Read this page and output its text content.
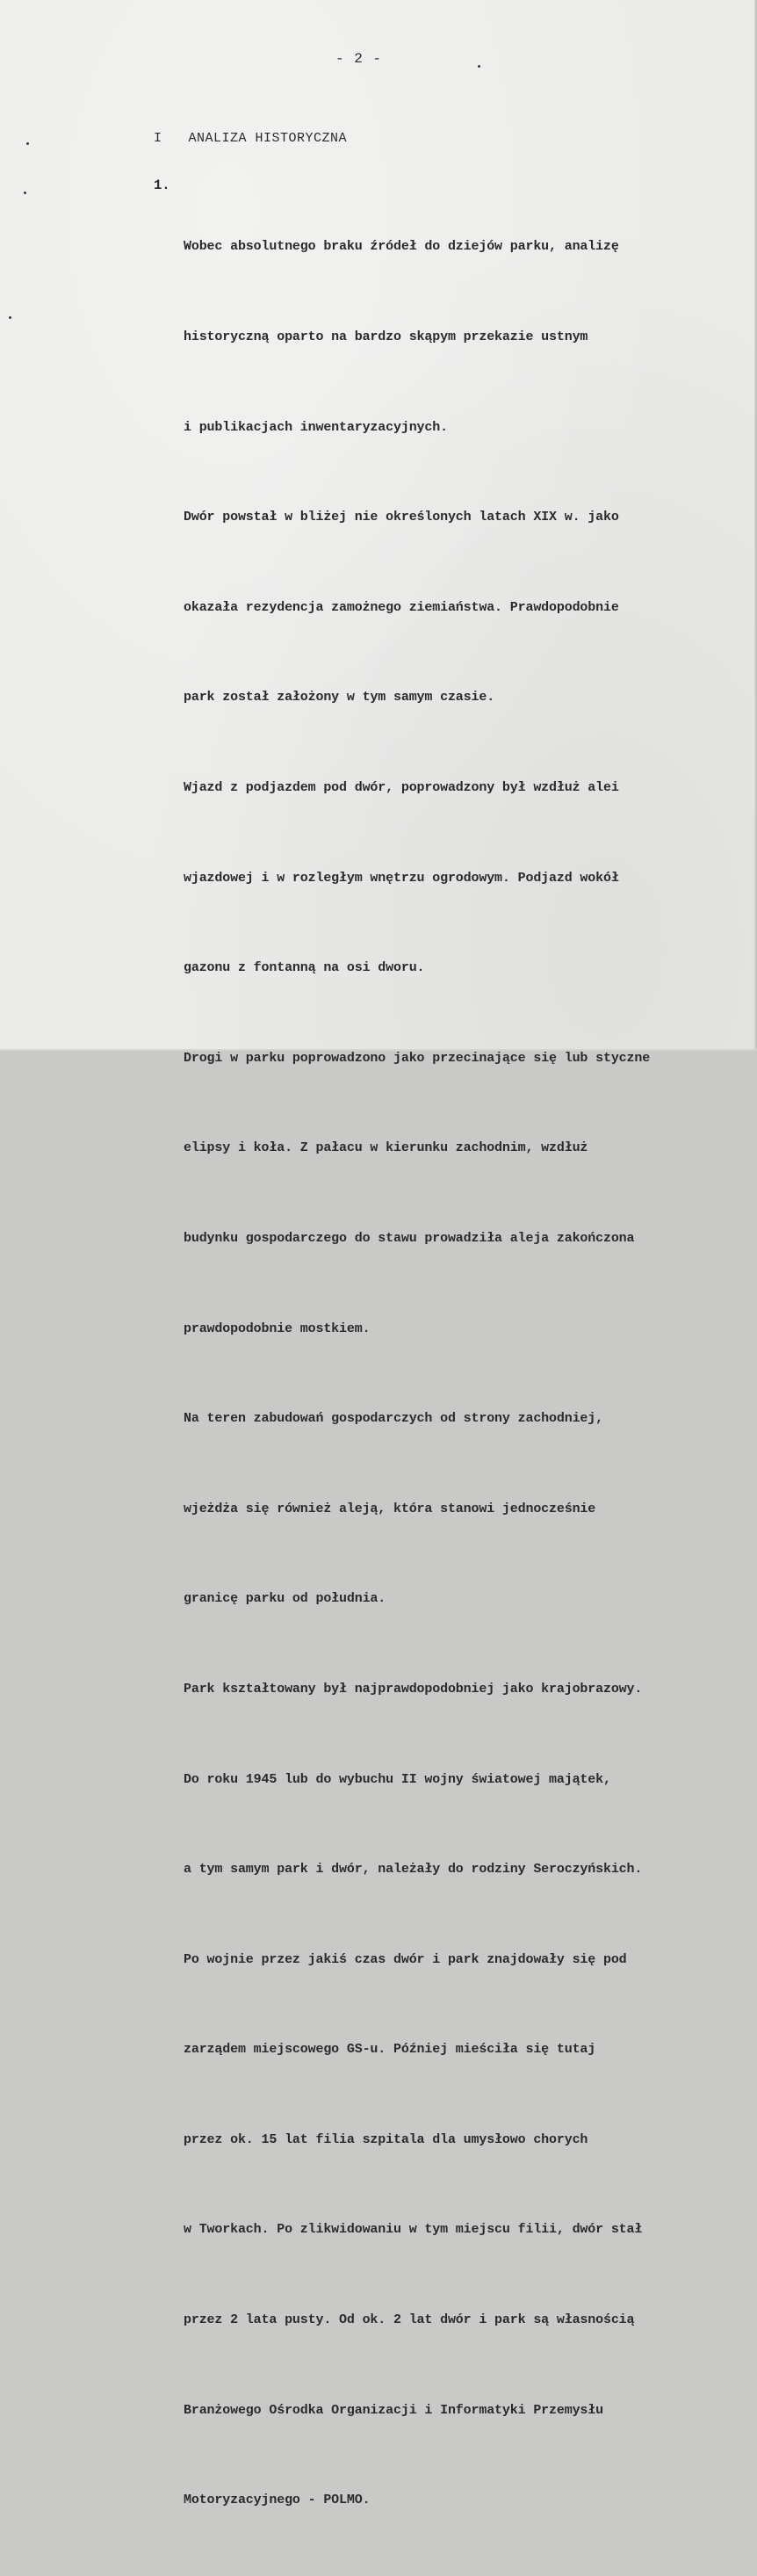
- 2 -
I ANALIZA HISTORYCZNA
1.

Wobec absolutnego braku źródeł do dziejów parku, analizę

historyczną oparto na bardzo skąpym przekazie ustnym

i publikacjach inwentaryzacyjnych.

Dwór powstał w bliżej nie określonych latach XIX w. jako

okazała rezydencja zamożnego ziemiaństwa. Prawdopodobnie

park został założony w tym samym czasie.

Wjazd z podjazdem pod dwór, poprowadzony był wzdłuż alei

wjazdowej i w rozległym wnętrzu ogrodowym. Podjazd wokół

gazonu z fontanną na osi dworu.

Drogi w parku poprowadzono jako przecinające się lub styczne

elipsy i koła. Z pałacu w kierunku zachodnim, wzdłuż

budynku gospodarczego do stawu prowadziła aleja zakończona

prawdopodobnie mostkiem.

Na teren zabudowań gospodarczych od strony zachodniej,

wjeżdża się również aleją, która stanowi jednocześnie

granicę parku od południa.

Park kształtowany był najprawdopodobniej jako krajobrazowy.

Do roku 1945 lub do wybuchu II wojny światowej majątek,

a tym samym park i dwór, należały do rodziny Seroczyńskich.

Po wojnie przez jakiś czas dwór i park znajdowały się pod

zarządem miejscowego GS-u. Później mieściła się tutaj

przez ok. 15 lat filia szpitala dla umysłowo chorych

w Tworkach. Po zlikwidowaniu w tym miejscu filii, dwór stał

przez 2 lata pusty. Od ok. 2 lat dwór i park są własnością

Branżowego Ośrodka Organizacji i Informatyki Przemysłu

Motoryzacyjnego - POLMO.
